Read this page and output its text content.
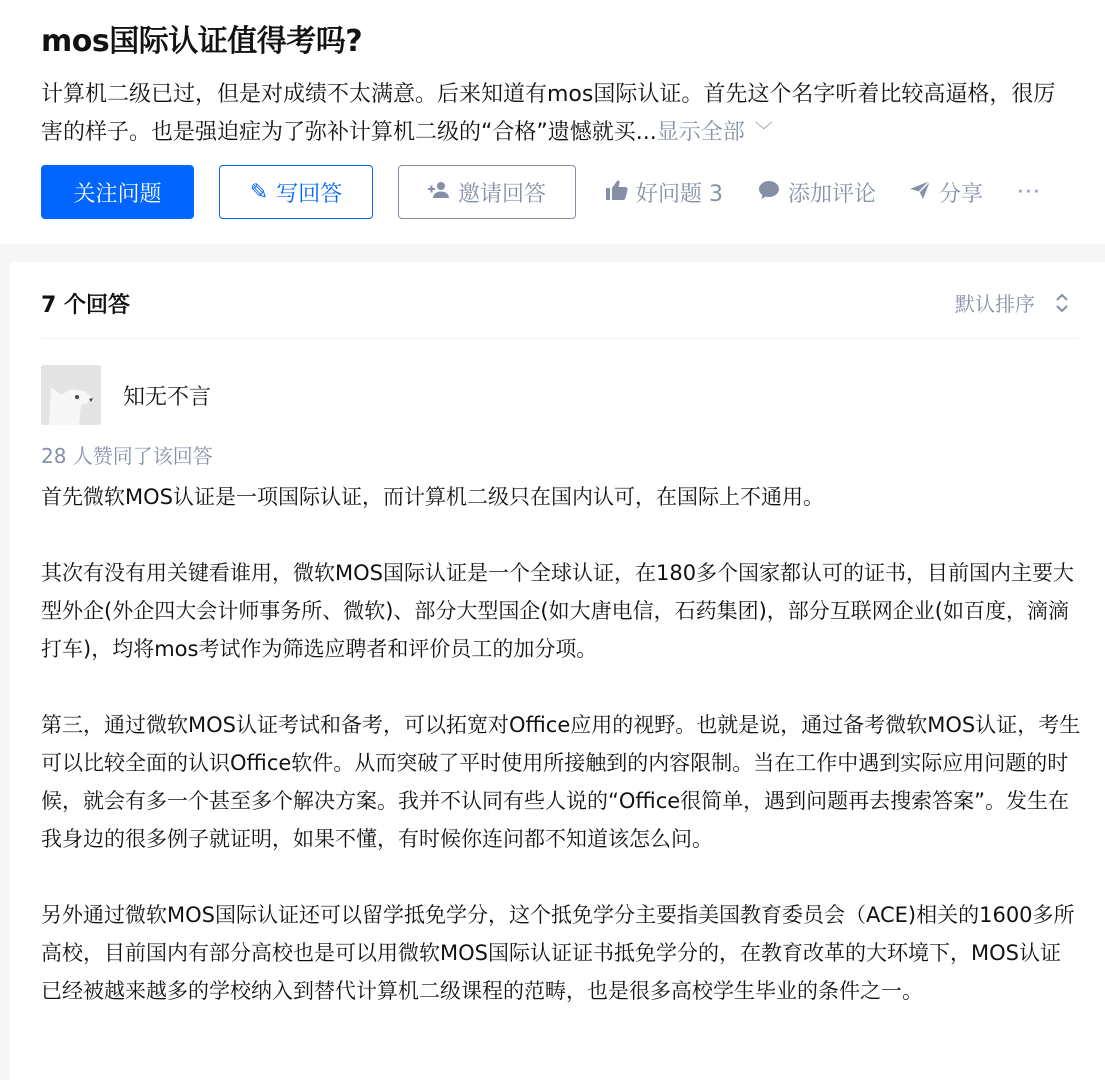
mos国际认证值得考吗?
计算机二级已过，但是对成绩不太满意。后来知道有mos国际认证。首先这个名字听着比较高逼格，很厉害的样子。也是强迫症为了弥补计算机二级的“合格”遗憾就买...显示全部 ﹀
关注问题	✎ 写回答	邀请回答	好问题 3	添加评论	分享 ···
7 个回答	默认排序
知无不言
28 人赞同了该回答

首先微软MOS认证是一项国际认证，而计算机二级只在国内认可，在国际上不通用。

其次有没有用关键看谁用，微软MOS国际认证是一个全球认证，在180多个国家都认可的证书，目前国内主要大型外企(外企四大会计师事务所、微软)、部分大型国企(如大唐电信，石药集团)，部分互联网企业(如百度，滴滴打车)，均将mos考试作为筛选应聘者和评价员工的加分项。

第三，通过微软MOS认证考试和备考，可以拓宽对Office应用的视野。也就是说，通过备考微软MOS认证，考生可以比较全面的认识Office软件。从而突破了平时使用所接触到的内容限制。当在工作中遇到实际应用问题的时候，就会有多一个甚至多个解决方案。我并不认同有些人说的“Office很简单，遇到问题再去搜索答案”。发生在我身边的很多例子就证明，如果不懂，有时候你连问都不知道该怎么问。

另外通过微软MOS国际认证还可以留学抵免学分，这个抵免学分主要指美国教育委员会（ACE)相关的1600多所高校，目前国内有部分高校也是可以用微软MOS国际认证证书抵免学分的，在教育改革的大环境下，MOS认证已经被越来越多的学校纳入到替代计算机二级课程的范畴，也是很多高校学生毕业的条件之一。
